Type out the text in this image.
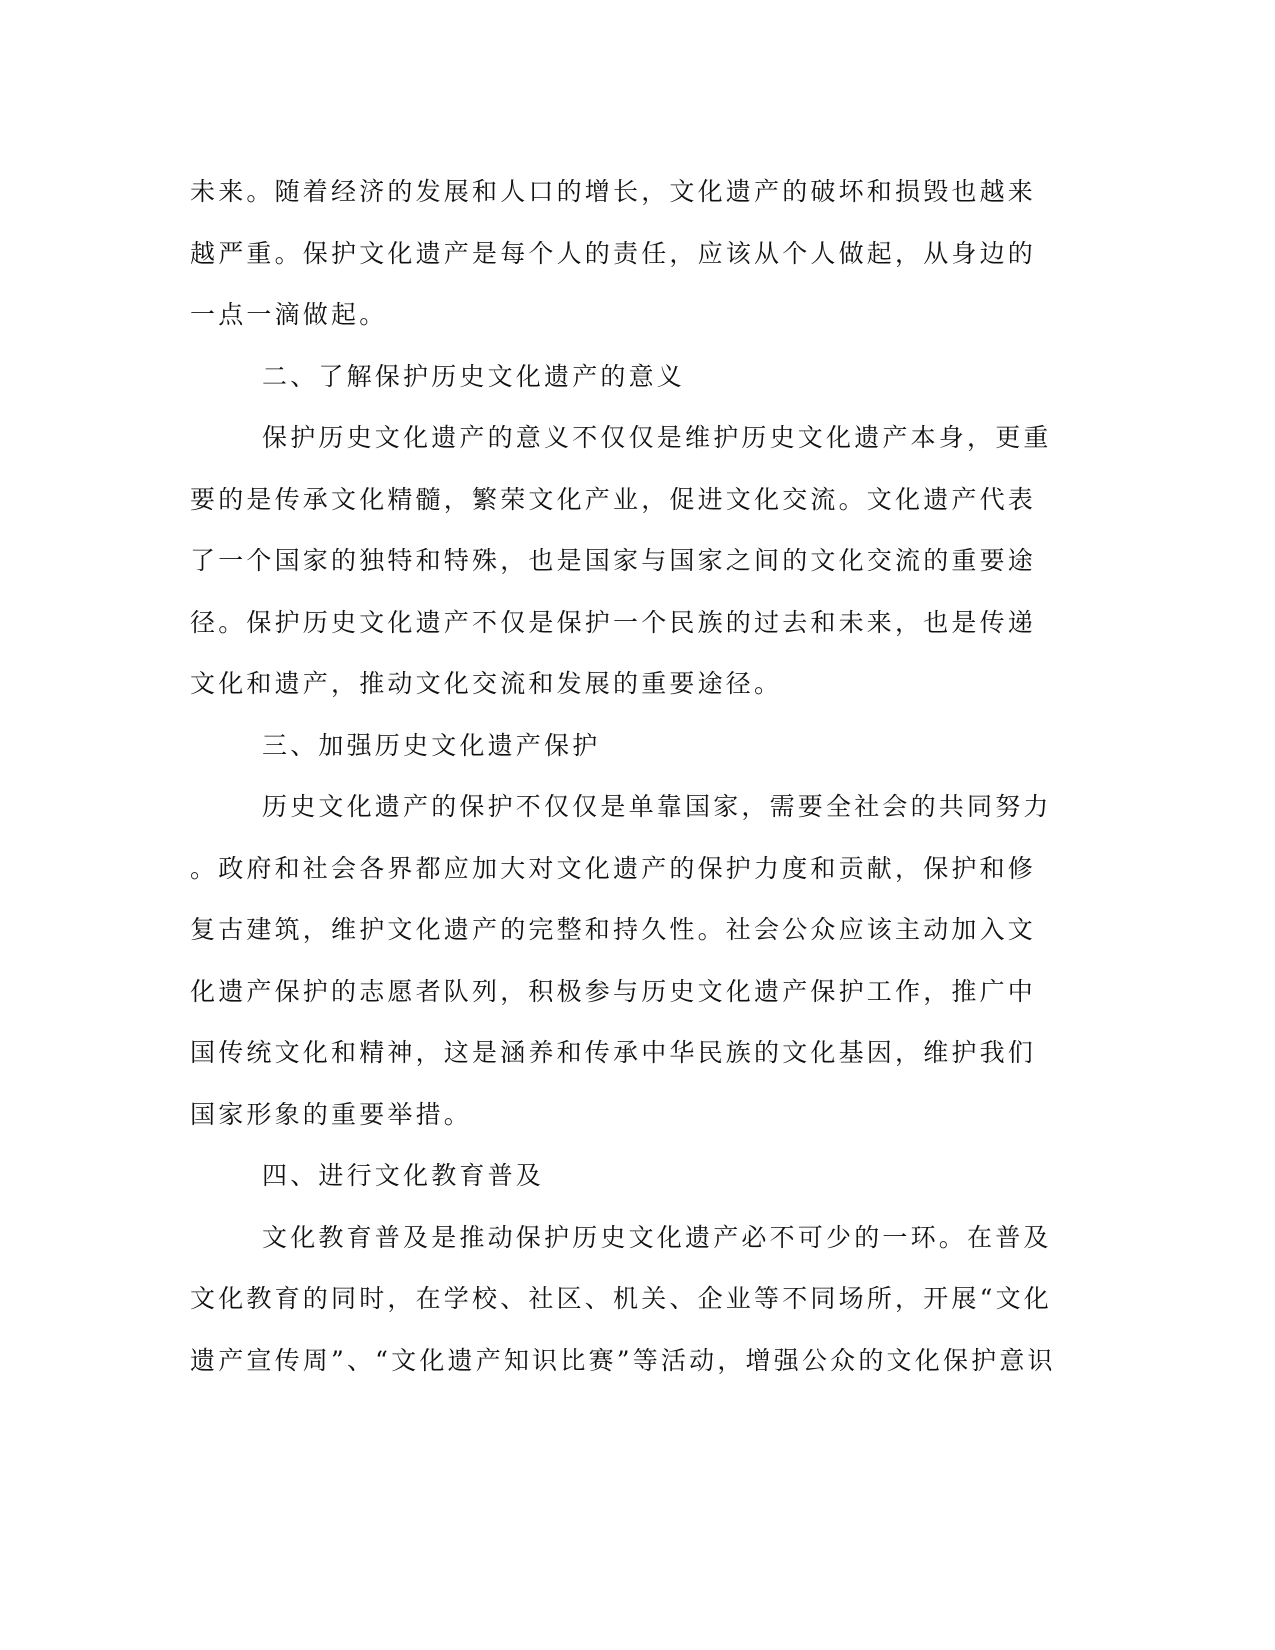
未来。随着经济的发展和人口的增长，文化遗产的破坏和损毁也越来
越严重。保护文化遗产是每个人的责任，应该从个人做起，从身边的
一点一滴做起。
二、了解保护历史文化遗产的意义
保护历史文化遗产的意义不仅仅是维护历史文化遗产本身，更重
要的是传承文化精髓，繁荣文化产业，促进文化交流。文化遗产代表
了一个国家的独特和特殊，也是国家与国家之间的文化交流的重要途
径。保护历史文化遗产不仅是保护一个民族的过去和未来，也是传递
文化和遗产，推动文化交流和发展的重要途径。
三、加强历史文化遗产保护
历史文化遗产的保护不仅仅是单靠国家，需要全社会的共同努力
。政府和社会各界都应加大对文化遗产的保护力度和贡献，保护和修
复古建筑，维护文化遗产的完整和持久性。社会公众应该主动加入文
化遗产保护的志愿者队列，积极参与历史文化遗产保护工作，推广中
国传统文化和精神，这是涵养和传承中华民族的文化基因，维护我们
国家形象的重要举措。
四、进行文化教育普及
文化教育普及是推动保护历史文化遗产必不可少的一环。在普及
文化教育的同时，在学校、社区、机关、企业等不同场所，开展“文化
遗产宣传周”、“文化遗产知识比赛”等活动，增强公众的文化保护意识
